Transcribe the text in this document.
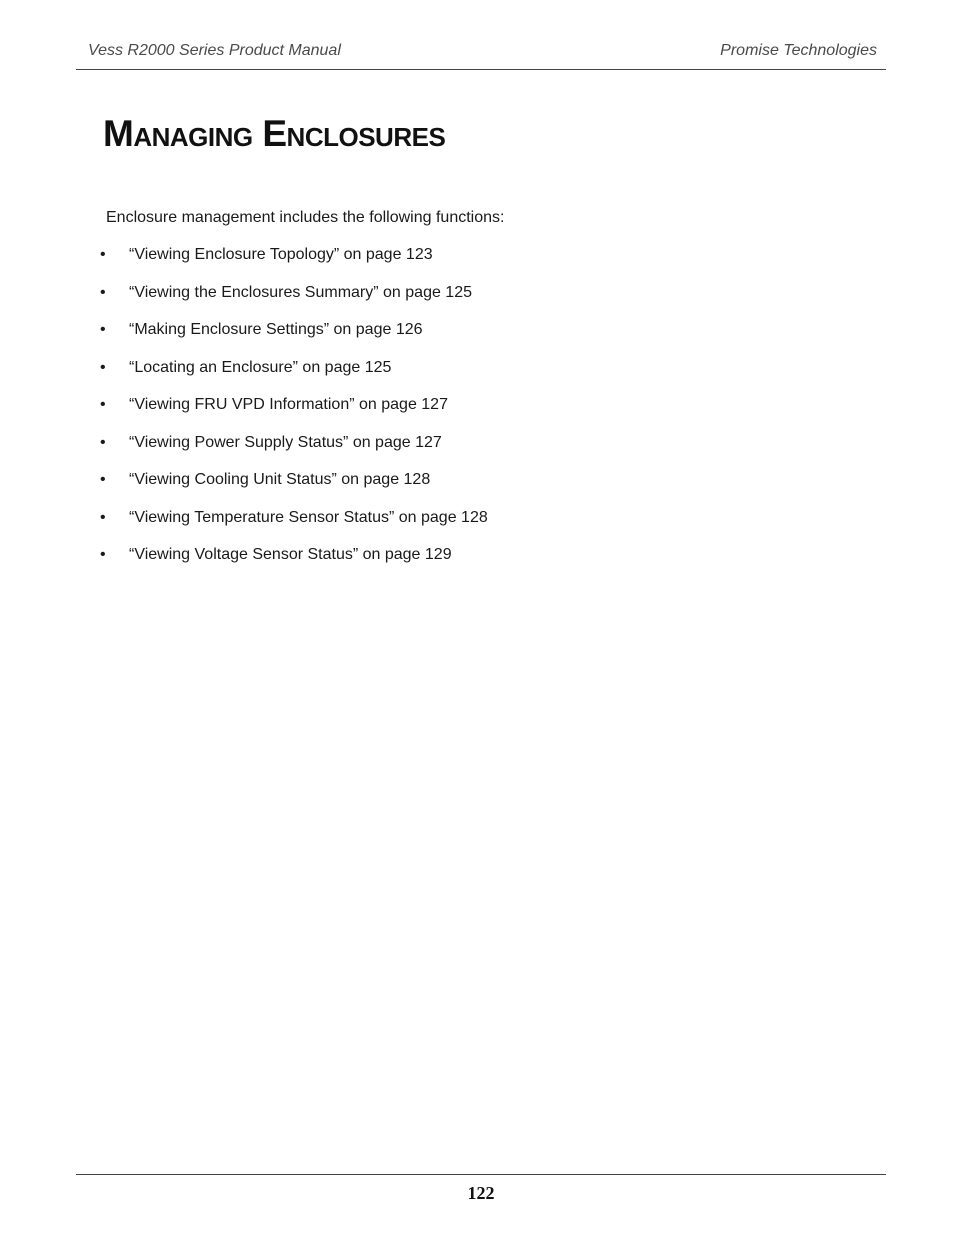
Vess R2000 Series Product Manual	Promise Technologies
Managing Enclosures

Enclosure management includes the following functions:

•	“Viewing Enclosure Topology” on page 123
•	“Viewing the Enclosures Summary” on page 125
•	“Making Enclosure Settings” on page 126
•	“Locating an Enclosure” on page 125
•	“Viewing FRU VPD Information” on page 127
•	“Viewing Power Supply Status” on page 127
•	“Viewing Cooling Unit Status” on page 128
•	“Viewing Temperature Sensor Status” on page 128
•	“Viewing Voltage Sensor Status” on page 129
122
